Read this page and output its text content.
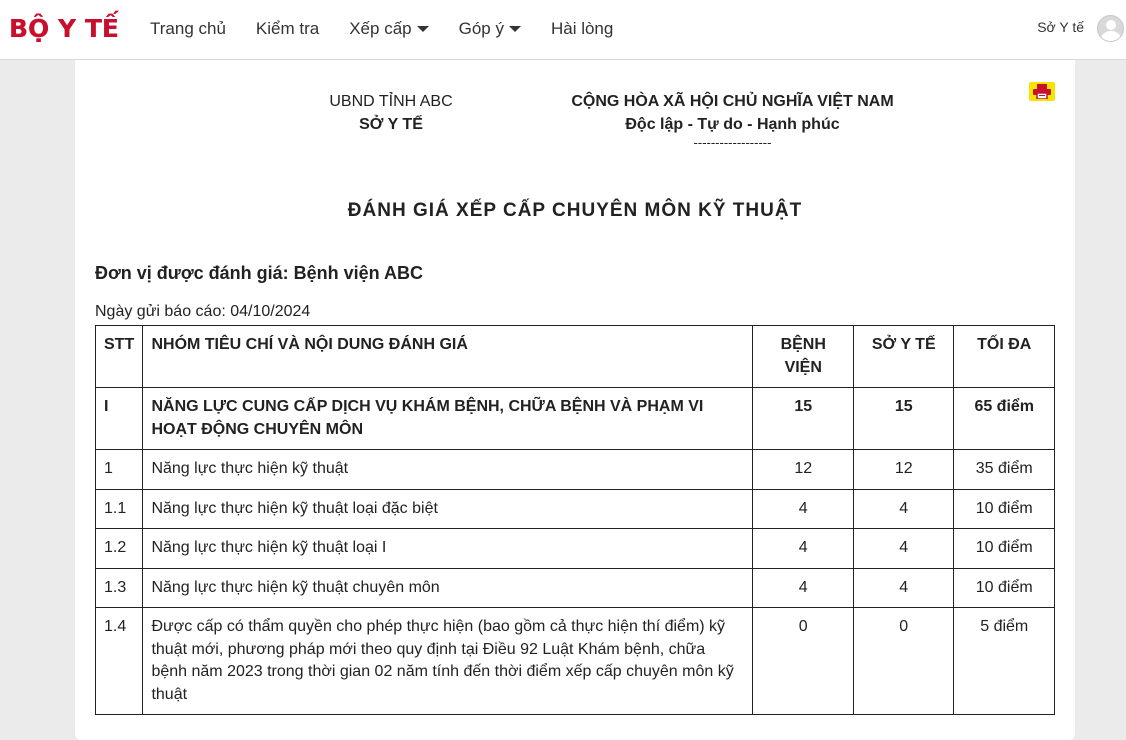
BỘ Y TẾ Trang chủ Kiểm tra Xếp cấp	Góp ý	Hài lòng	Sở Y tế
UBND TỈNH ABC
SỞ Y TẾ
CỘNG HÒA XÃ HỘI CHỦ NGHĨA VIỆT NAM
Độc lập - Tự do - Hạnh phúc
------------------
ĐÁNH GIÁ XẾP CẤP CHUYÊN MÔN KỸ THUẬT
Đơn vị được đánh giá: Bệnh viện ABC
Ngày gửi báo cáo: 04/10/2024
STT	NHÓM TIÊU CHÍ VÀ NỘI DUNG ĐÁNH GIÁ	BỆNH VIỆN	SỞ Y TẾ	TỐI ĐA
I	NĂNG LỰC CUNG CẤP DỊCH VỤ KHÁM BỆNH, CHỮA BỆNH VÀ PHẠM VI HOẠT ĐỘNG CHUYÊN MÔN	15	15	65 điểm
1	Năng lực thực hiện kỹ thuật	12	12	35 điểm
1.1	Năng lực thực hiện kỹ thuật loại đặc biệt	4	4	10 điểm
1.2	Năng lực thực hiện kỹ thuật loại I	4	4	10 điểm
1.3	Năng lực thực hiện kỹ thuật chuyên môn	4	4	10 điểm
1.4	Được cấp có thẩm quyền cho phép thực hiện (bao gồm cả thực hiện thí điểm) kỹ thuật mới, phương pháp mới theo quy định tại Điều 92 Luật Khám bệnh, chữa bệnh năm 2023 trong thời gian 02 năm tính đến thời điểm xếp cấp chuyên môn kỹ thuật	0	0	5 điểm
